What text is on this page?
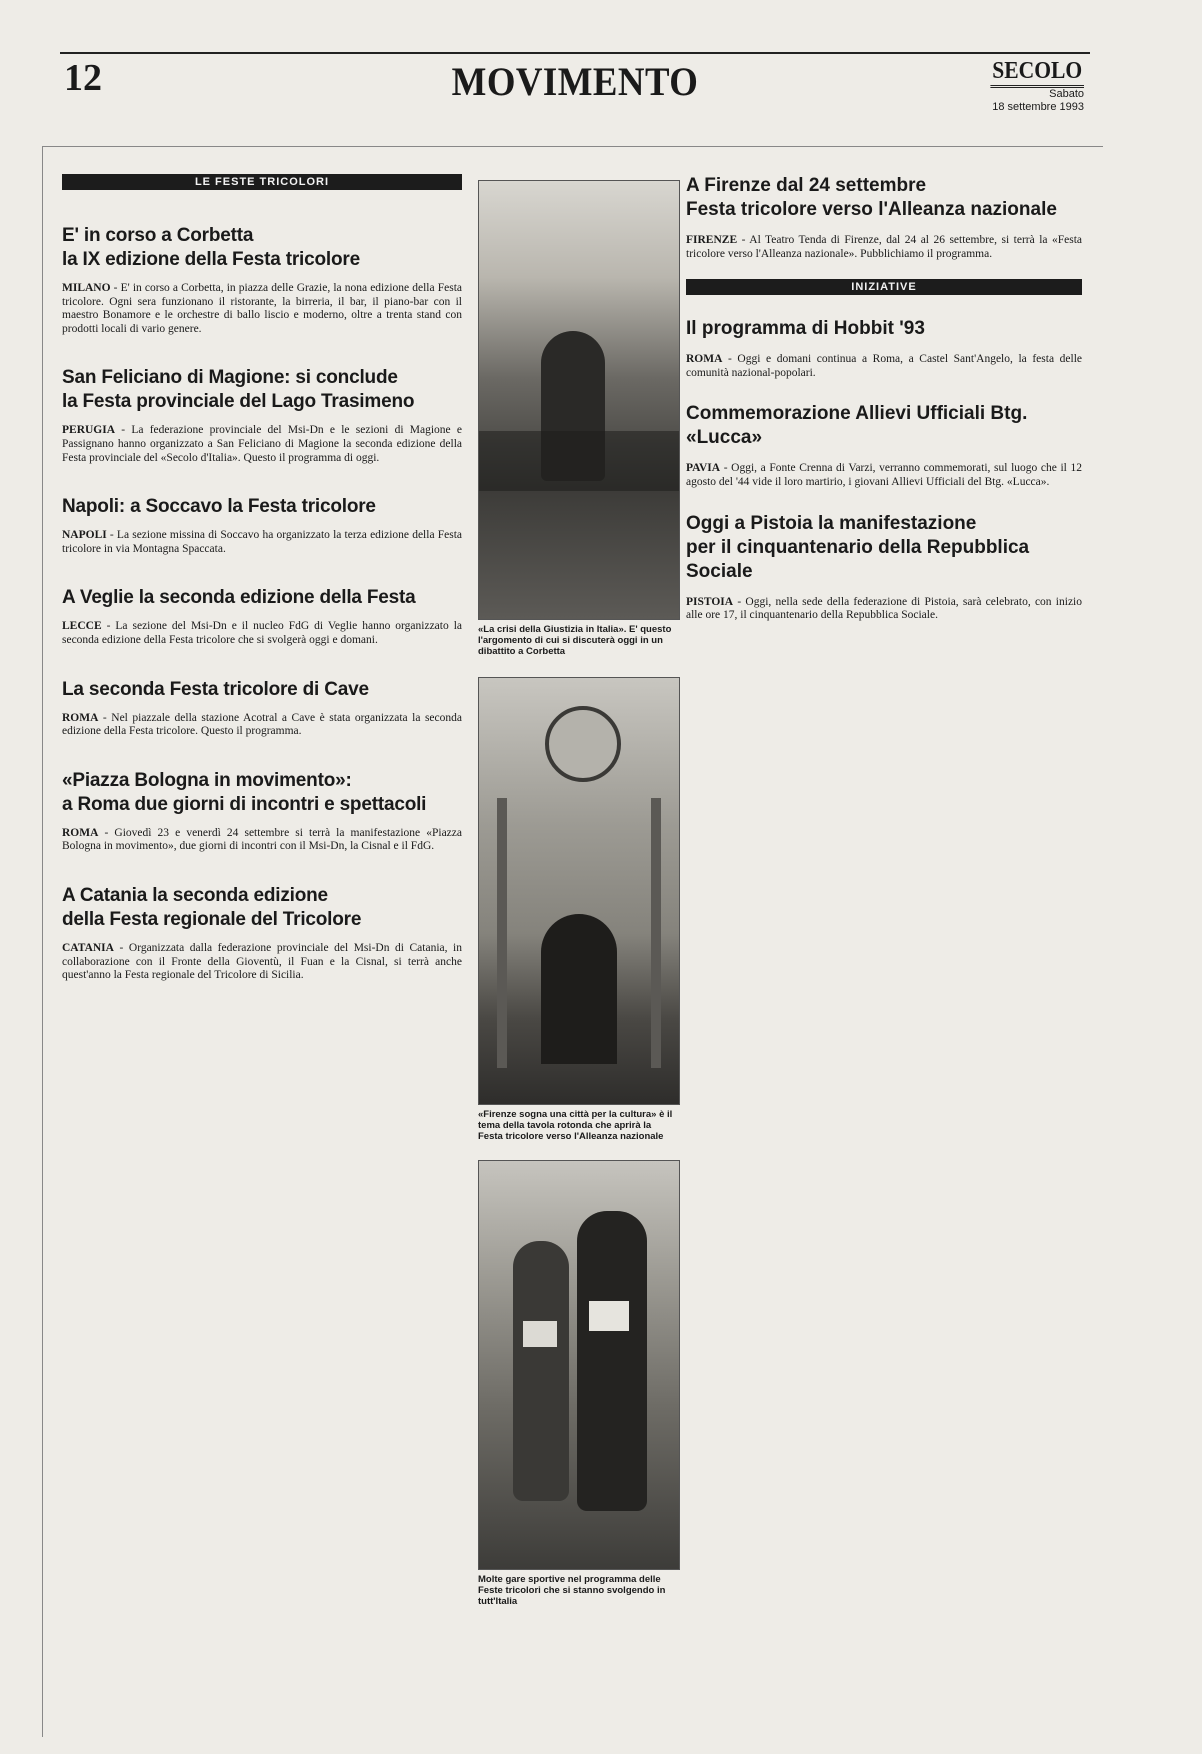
12	MOVIMENTO	SECOLO
Sabato
18 settembre 1993
LE FESTE TRICOLORI
E' in corso a Corbetta
la IX edizione della Festa tricolore

MILANO - E' in corso a Corbetta, in piazza delle Grazie, la nona edizione della Festa tricolore. Ogni sera funzionano il ristorante, la birreria, il bar, il piano-bar con il maestro Bonamore e le orchestre di ballo liscio e moderno, oltre a trenta stand con prodotti locali di vario genere.

San Feliciano di Magione: si conclude
la Festa provinciale del Lago Trasimeno

PERUGIA - La federazione provinciale del Msi-Dn e le sezioni di Magione e Passignano hanno organizzato a San Feliciano di Magione la seconda edizione della Festa provinciale del «Secolo d'Italia». Questo il programma di oggi.

Napoli: a Soccavo la Festa tricolore

NAPOLI - La sezione missina di Soccavo ha organizzato la terza edizione della Festa tricolore in via Montagna Spaccata.

A Veglie la seconda edizione della Festa

LECCE - La sezione del Msi-Dn e il nucleo FdG di Veglie hanno organizzato la seconda edizione della Festa tricolore che si svolgerà oggi e domani.

La seconda Festa tricolore di Cave

ROMA - Nel piazzale della stazione Acotral a Cave è stata organizzata la seconda edizione della Festa tricolore. Questo il programma.

«Piazza Bologna in movimento»:
a Roma due giorni di incontri e spettacoli

ROMA - Giovedì 23 e venerdì 24 settembre si terrà la manifestazione «Piazza Bologna in movimento», due giorni di incontri con il Msi-Dn, la Cisnal e il FdG.

A Catania la seconda edizione
della Festa regionale del Tricolore

CATANIA - Organizzata dalla federazione provinciale del Msi-Dn di Catania, in collaborazione con il Fronte della Gioventù, il Fuan e la Cisnal, si terrà anche quest'anno la Festa regionale del Tricolore di Sicilia.

«La crisi della Giustizia in Italia». E' questo l'argomento di cui si discuterà oggi in un dibattito a Corbetta

«Firenze sogna una città per la cultura» è il tema della tavola rotonda che aprirà la Festa tricolore verso l'Alleanza nazionale

Molte gare sportive nel programma delle Feste tricolori che si stanno svolgendo in tutt'Italia

A Firenze dal 24 settembre
Festa tricolore verso l'Alleanza nazionale

FIRENZE - Al Teatro Tenda di Firenze, dal 24 al 26 settembre, si terrà la «Festa tricolore verso l'Alleanza nazionale». Pubblichiamo il programma.

INIZIATIVE
Il programma di Hobbit '93

ROMA - Oggi e domani continua a Roma, a Castel Sant'Angelo, la festa delle comunità nazional-popolari.

Commemorazione Allievi Ufficiali Btg. «Lucca»

PAVIA - Oggi, a Fonte Crenna di Varzi, verranno commemorati, sul luogo che il 12 agosto del '44 vide il loro martirio, i giovani Allievi Ufficiali del Btg. «Lucca».

Oggi a Pistoia la manifestazione
per il cinquantenario della Repubblica Sociale

PISTOIA - Oggi, nella sede della federazione di Pistoia, sarà celebrato, con inizio alle ore 17, il cinquantenario della Repubblica Sociale.
